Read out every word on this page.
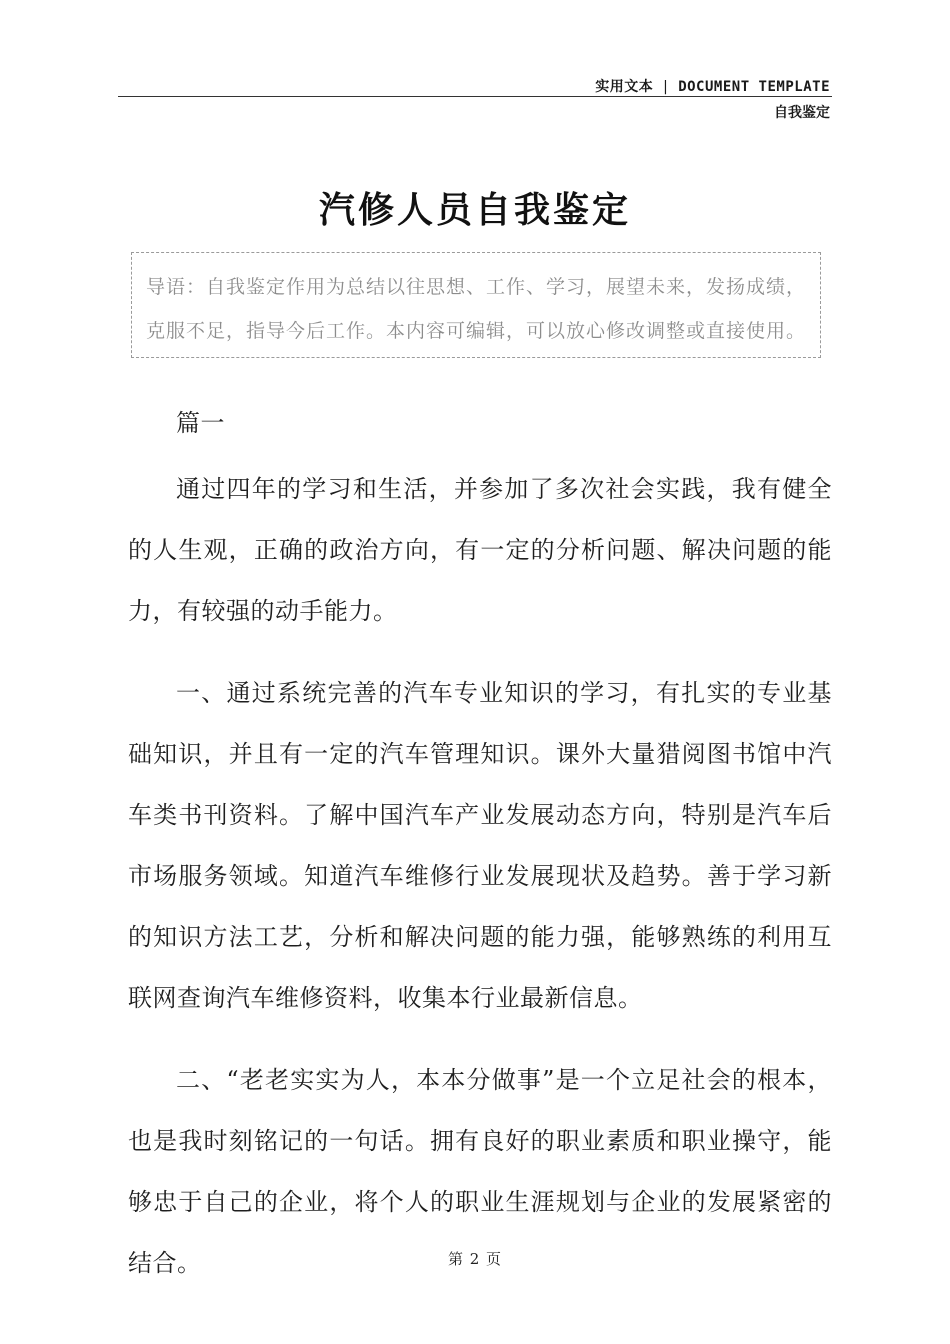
实用文本 | DOCUMENT TEMPLATE
自我鉴定
汽修人员自我鉴定
导语：自我鉴定作用为总结以往思想、工作、学习，展望未来，发扬成绩，克服不足，指导今后工作。本内容可编辑，可以放心修改调整或直接使用。

篇一

通过四年的学习和生活，并参加了多次社会实践，我有健全的人生观，正确的政治方向，有一定的分析问题、解决问题的能力，有较强的动手能力。

一、通过系统完善的汽车专业知识的学习，有扎实的专业基础知识，并且有一定的汽车管理知识。课外大量猎阅图书馆中汽车类书刊资料。了解中国汽车产业发展动态方向，特别是汽车后市场服务领域。知道汽车维修行业发展现状及趋势。善于学习新的知识方法工艺，分析和解决问题的能力强，能够熟练的利用互联网查询汽车维修资料，收集本行业最新信息。

二、“老老实实为人，本本分做事”是一个立足社会的根本，也是我时刻铭记的一句话。拥有良好的职业素质和职业操守，能够忠于自己的企业，将个人的职业生涯规划与企业的发展紧密的结合。	第 2 页
